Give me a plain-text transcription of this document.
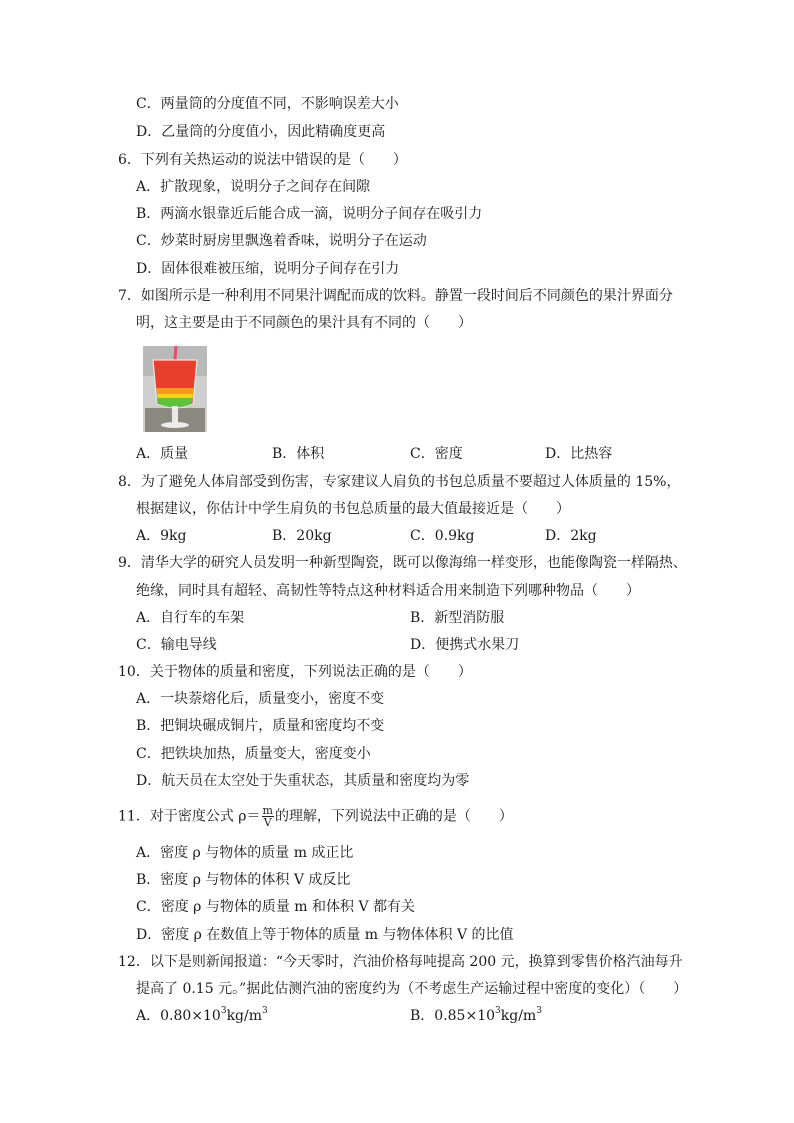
C．两量筒的分度值不同，不影响误差大小
D．乙量筒的分度值小，因此精确度更高
6．下列有关热运动的说法中错误的是（　　）
A．扩散现象，说明分子之间存在间隙
B．两滴水银靠近后能合成一滴，说明分子间存在吸引力
C．炒菜时厨房里飘逸着香味，说明分子在运动
D．固体很难被压缩，说明分子间存在引力
7．如图所示是一种利用不同果汁调配而成的饮料。静置一段时间后不同颜色的果汁界面分
明，这主要是由于不同颜色的果汁具有不同的（　　）
A．质量	B．体积	C．密度	D．比热容
8．为了避免人体肩部受到伤害，专家建议人肩负的书包总质量不要超过人体质量的 15%，
根据建议，你估计中学生肩负的书包总质量的最大值最接近是（　　）
A．9kg	B．20kg	C．0.9kg	D．2kg
9．清华大学的研究人员发明一种新型陶瓷，既可以像海绵一样变形，也能像陶瓷一样隔热、
绝缘，同时具有超轻、高韧性等特点这种材料适合用来制造下列哪种物品（　　）
A．自行车的车架	B．新型消防服
C．输电导线	D．便携式水果刀
10．关于物体的质量和密度，下列说法正确的是（　　）
A．一块萘熔化后，质量变小，密度不变
B．把铜块碾成铜片，质量和密度均不变
C．把铁块加热，质量变大，密度变小
D．航天员在太空处于失重状态，其质量和密度均为零
11．对于密度公式 $\rho= \frac{m}{V}$ 的理解，下列说法中正确的是（　　）
A．密度 ρ 与物体的质量 m 成正比
B．密度 ρ 与物体的体积 V 成反比
C．密度 ρ 与物体的质量 m 和体积 V 都有关
D．密度 ρ 在数值上等于物体的质量 m 与物体体积 V 的比值
12．以下是则新闻报道：“今天零时，汽油价格每吨提高 200 元，换算到零售价格汽油每升
提高了 0.15 元。”据此估测汽油的密度约为（不考虑生产运输过程中密度的变化）（　　）
A．$0.80\times 10^3kg/m^3$	B．$0.85\times 10^3kg/m^3$
